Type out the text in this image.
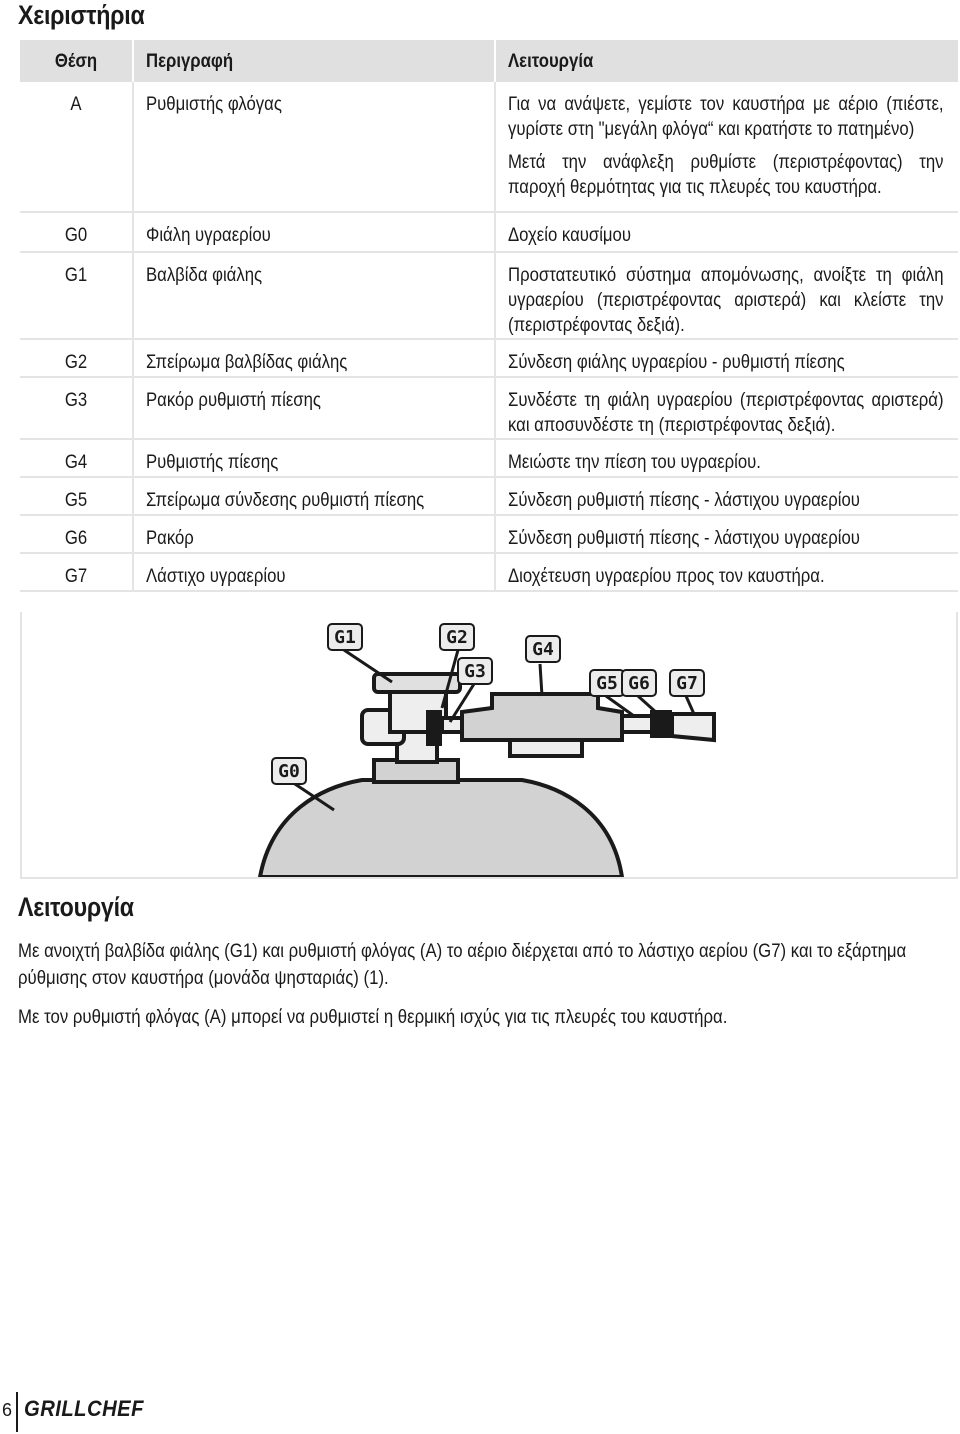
Χειριστήρια
Θέση	Περιγραφή	Λειτουργία

A	Ρυθμιστής φλόγας	Για να ανάψετε, γεμίστε τον καυστήρα με αέριο (πιέστε, γυρίστε στη "μεγάλη φλόγα“ και κρατήστε το πατημένο)
Μετά την ανάφλεξη ρυθμίστε (περιστρέφοντας) την παροχή θερμότητας για τις πλευρές του καυστήρα.

G0	Φιάλη υγραερίου	Δοχείο καυσίμου

G1	Βαλβίδα φιάλης	Προστατευτικό σύστημα απομόνωσης, ανοίξτε τη φιάλη υγραερίου (περιστρέφοντας αριστερά) και κλείστε την (περιστρέφοντας δεξιά).

G2	Σπείρωμα βαλβίδας φιάλης	Σύνδεση φιάλης υγραερίου - ρυθμιστή πίεσης

G3	Ρακόρ ρυθμιστή πίεσης	Συνδέστε τη φιάλη υγραερίου (περιστρέφοντας αριστερά) και αποσυνδέστε τη (περιστρέφοντας δεξιά).

G4	Ρυθμιστής πίεσης	Μειώστε την πίεση του υγραερίου.

G5	Σπείρωμα σύνδεσης ρυθμιστή πίεσης	Σύνδεση ρυθμιστή πίεσης - λάστιχου υγραερίου

G6	Ρακόρ	Σύνδεση ρυθμιστή πίεσης - λάστιχου υγραερίου

G7	Λάστιχο υγραερίου	Διοχέτευση υγραερίου προς τον καυστήρα.
G1	G2
G3
G4
G5 G6 G7
G0
Λειτουργία

Με ανοιχτή βαλβίδα φιάλης (G1) και ρυθμιστή φλόγας (A) το αέριο διέρχεται από το λάστιχο αερίου (G7) και το εξάρτημα ρύθμισης στον καυστήρα (μονάδα ψησταριάς) (1).

Με τον ρυθμιστή φλόγας (A) μπορεί να ρυθμιστεί η θερμική ισχύς για τις πλευρές του καυστήρα.

6 GRILLCHEF
